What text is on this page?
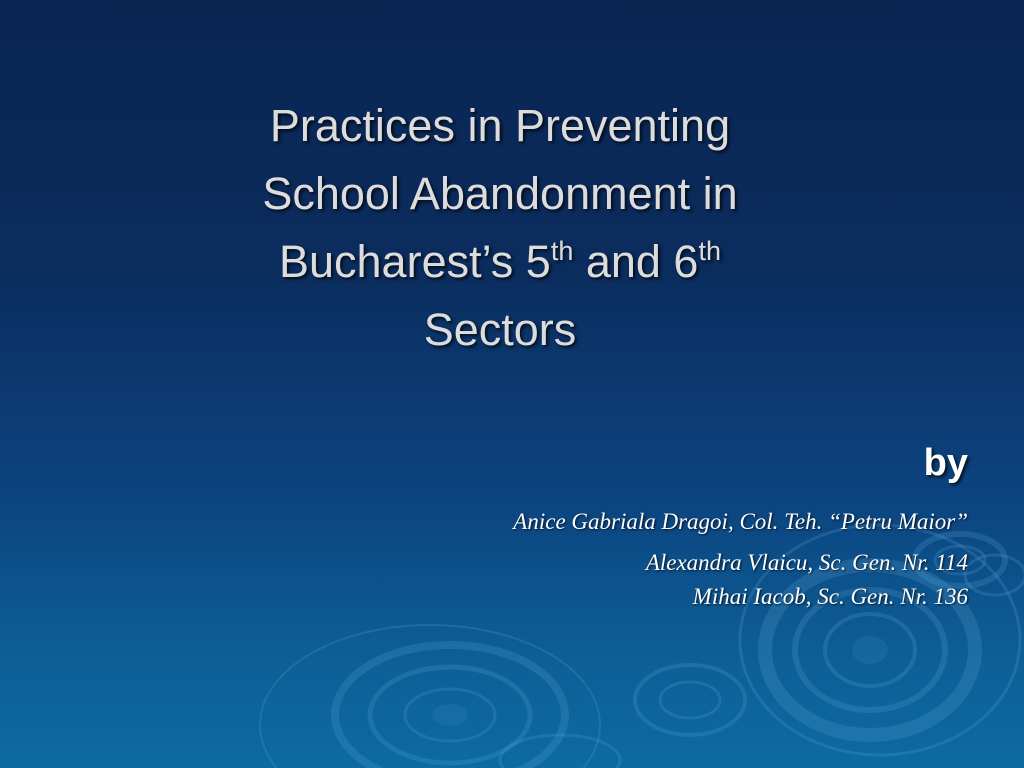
Practices in Preventing
School Abandonment in
Bucharest’s 5th and 6th
Sectors
by
Anice Gabriala Dragoi, Col. Teh. “Petru Maior”
Alexandra Vlaicu, Sc. Gen. Nr. 114
Mihai Iacob, Sc. Gen. Nr. 136
